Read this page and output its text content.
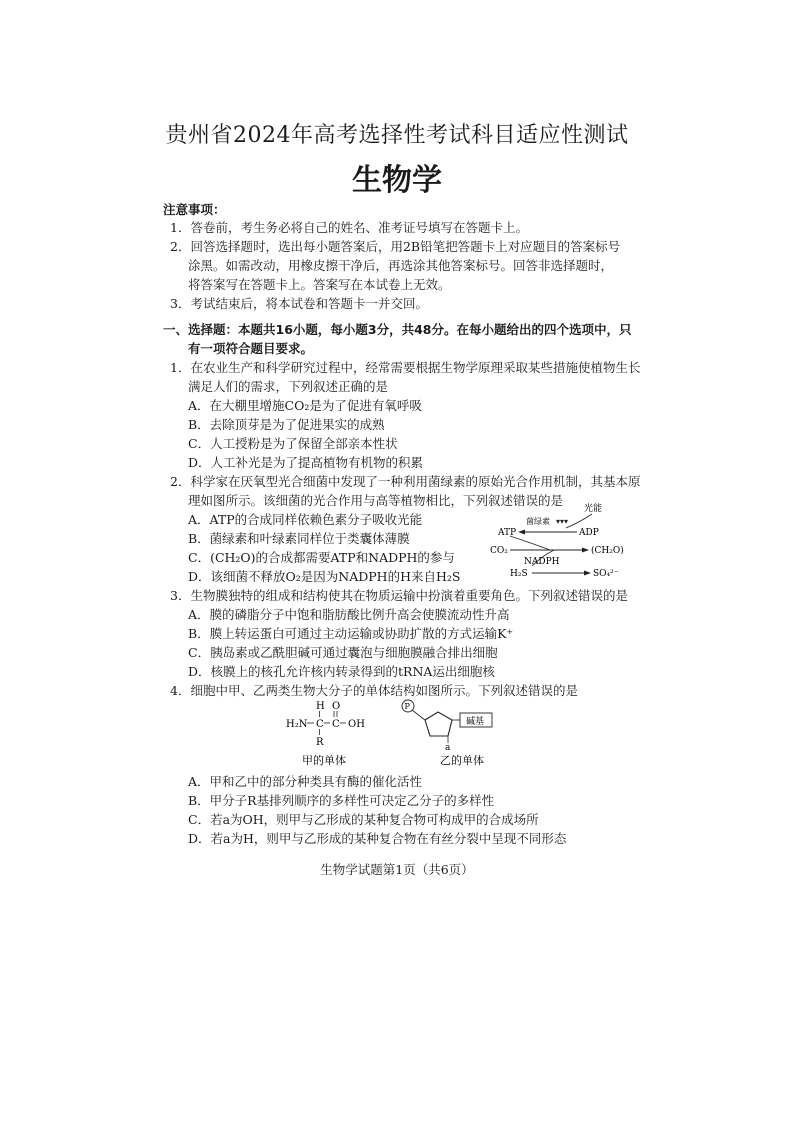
贵州省2024年高考选择性考试科目适应性测试
生物学
注意事项：
1．答卷前，考生务必将自己的姓名、准考证号填写在答题卡上。
2．回答选择题时，选出每小题答案后，用2B铅笔把答题卡上对应题目的答案标号
涂黑。如需改动，用橡皮擦干净后，再选涂其他答案标号。回答非选择题时，
将答案写在答题卡上。答案写在本试卷上无效。
3．考试结束后，将本试卷和答题卡一并交回。
一、选择题：本题共16小题，每小题3分，共48分。在每小题给出的四个选项中，只
有一项符合题目要求。
1．在农业生产和科学研究过程中，经常需要根据生物学原理采取某些措施使植物生长
满足人们的需求，下列叙述正确的是
A．在大棚里增施CO₂是为了促进有氧呼吸
B．去除顶芽是为了促进果实的成熟
C．人工授粉是为了保留全部亲本性状
D．人工补光是为了提高植物有机物的积累
2．科学家在厌氧型光合细菌中发现了一种利用菌绿素的原始光合作用机制，其基本原
理如图所示。该细菌的光合作用与高等植物相比，下列叙述错误的是
A．ATP的合成同样依赖色素分子吸收光能
B．菌绿素和叶绿素同样位于类囊体薄膜
C．(CH₂O)的合成都需要ATP和NADPH的参与
D．该细菌不释放O₂是因为NADPH的H来自H₂S
光能
菌绿素 ▾▾▾
ATP	ADP
CO₂	(CH₂O)
NADPH
H₂S	SO₄²⁻
3．生物膜独特的组成和结构使其在物质运输中扮演着重要角色。下列叙述错误的是
A．膜的磷脂分子中饱和脂肪酸比例升高会使膜流动性升高
B．膜上转运蛋白可通过主动运输或协助扩散的方式运输K⁺
C．胰岛素或乙酰胆碱可通过囊泡与细胞膜融合排出细胞
D．核膜上的核孔允许核内转录得到的tRNA运出细胞核
4．细胞中甲、乙两类生物大分子的单体结构如图所示。下列叙述错误的是
H O
H₂N C C OH
R
甲的单体
P
碱基
a
乙的单体
A．甲和乙中的部分种类具有酶的催化活性
B．甲分子R基排列顺序的多样性可决定乙分子的多样性
C．若a为OH，则甲与乙形成的某种复合物可构成甲的合成场所
D．若a为H，则甲与乙形成的某种复合物在有丝分裂中呈现不同形态
生物学试题第1页（共6页）
